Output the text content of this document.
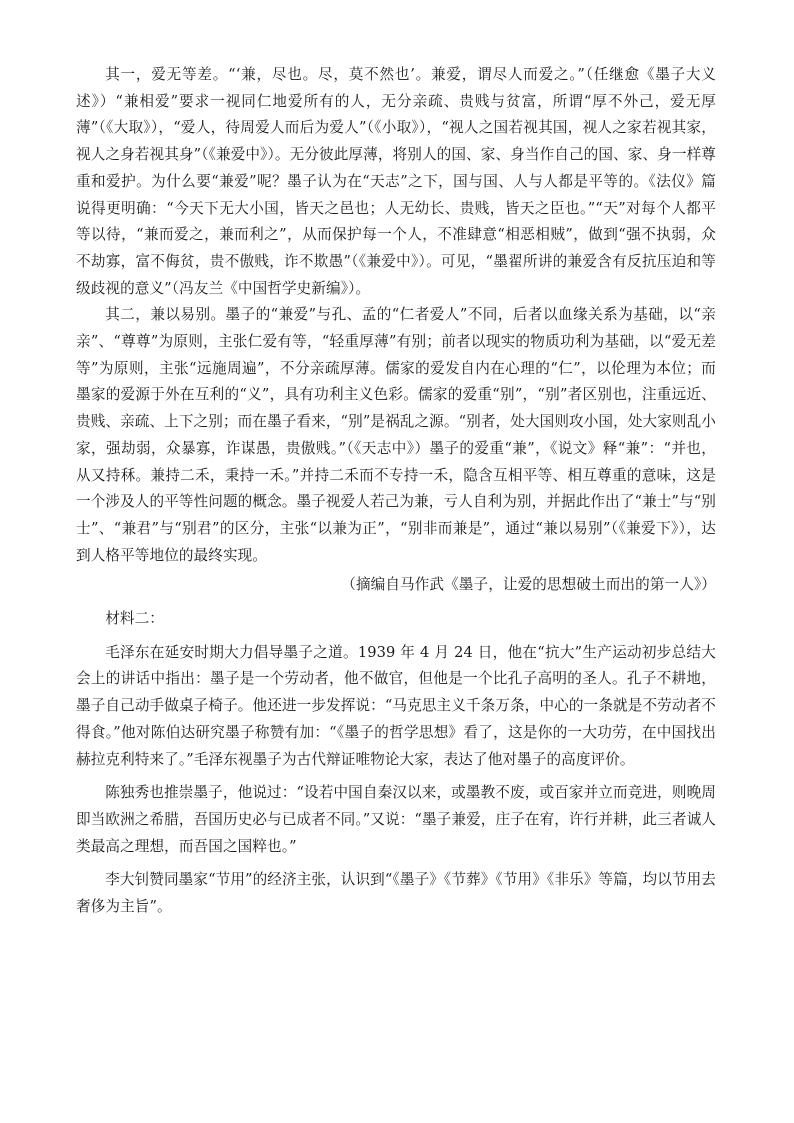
其一，爱无等差。“‘兼，尽也。尽，莫不然也’。兼爱，谓尽人而爱之。”（任继愈《墨子大义述》）“兼相爱”要求一视同仁地爱所有的人，无分亲疏、贵贱与贫富，所谓“厚不外己，爱无厚薄”（《大取》），“爱人，待周爱人而后为爱人”（《小取》），“视人之国若视其国，视人之家若视其家，视人之身若视其身”（《兼爱中》）。无分彼此厚薄，将别人的国、家、身当作自己的国、家、身一样尊重和爱护。为什么要“兼爱”呢？墨子认为在“天志”之下，国与国、人与人都是平等的。《法仪》篇说得更明确：“今天下无大小国，皆天之邑也；人无幼长、贵贱，皆天之臣也。”“天”对每个人都平等以待，“兼而爱之，兼而利之”，从而保护每一个人，不准肆意“相恶相贼”，做到“强不执弱，众不劫寡，富不侮贫，贵不傲贱，诈不欺愚”（《兼爱中》）。可见，“墨翟所讲的兼爱含有反抗压迫和等级歧视的意义”（冯友兰《中国哲学史新编》）。

其二，兼以易别。墨子的“兼爱”与孔、孟的“仁者爱人”不同，后者以血缘关系为基础，以“亲亲”、“尊尊”为原则，主张仁爱有等，“轻重厚薄”有别；前者以现实的物质功利为基础，以“爱无差等”为原则，主张“远施周遍”，不分亲疏厚薄。儒家的爱发自内在心理的“仁”，以伦理为本位；而墨家的爱源于外在互利的“义”，具有功利主义色彩。儒家的爱重“别”，“别”者区别也，注重远近、贵贱、亲疏、上下之别；而在墨子看来，“别”是祸乱之源。“别者，处大国则攻小国，处大家则乱小家，强劫弱，众暴寡，诈谋愚，贵傲贱。”（《天志中》）墨子的爱重“兼”，《说文》释“兼”：“并也，从又持秝。兼持二禾，秉持一禾。”并持二禾而不专持一禾，隐含互相平等、相互尊重的意味，这是一个涉及人的平等性问题的概念。墨子视爱人若己为兼，亏人自利为别，并据此作出了“兼士”与“别士”、“兼君”与“别君”的区分，主张“以兼为正”，“别非而兼是”，通过“兼以易别”（《兼爱下》），达到人格平等地位的最终实现。

（摘编自马作武《墨子，让爱的思想破土而出的第一人》）

材料二：

毛泽东在延安时期大力倡导墨子之道。1939 年 4 月 24 日，他在“抗大”生产运动初步总结大会上的讲话中指出：墨子是一个劳动者，他不做官，但他是一个比孔子高明的圣人。孔子不耕地，墨子自己动手做桌子椅子。他还进一步发挥说：“马克思主义千条万条，中心的一条就是不劳动者不得食。”他对陈伯达研究墨子称赞有加：“《墨子的哲学思想》看了，这是你的一大功劳，在中国找出赫拉克利特来了。”毛泽东视墨子为古代辩证唯物论大家，表达了他对墨子的高度评价。

陈独秀也推崇墨子，他说过：“设若中国自秦汉以来，或墨教不废，或百家并立而竞进，则晚周即当欧洲之希腊，吾国历史必与已成者不同。”又说：“墨子兼爱，庄子在宥，许行并耕，此三者诚人类最高之理想，而吾国之国粹也。”

李大钊赞同墨家“节用”的经济主张，认识到“《墨子》《节葬》《节用》《非乐》等篇，均以节用去奢侈为主旨”。
